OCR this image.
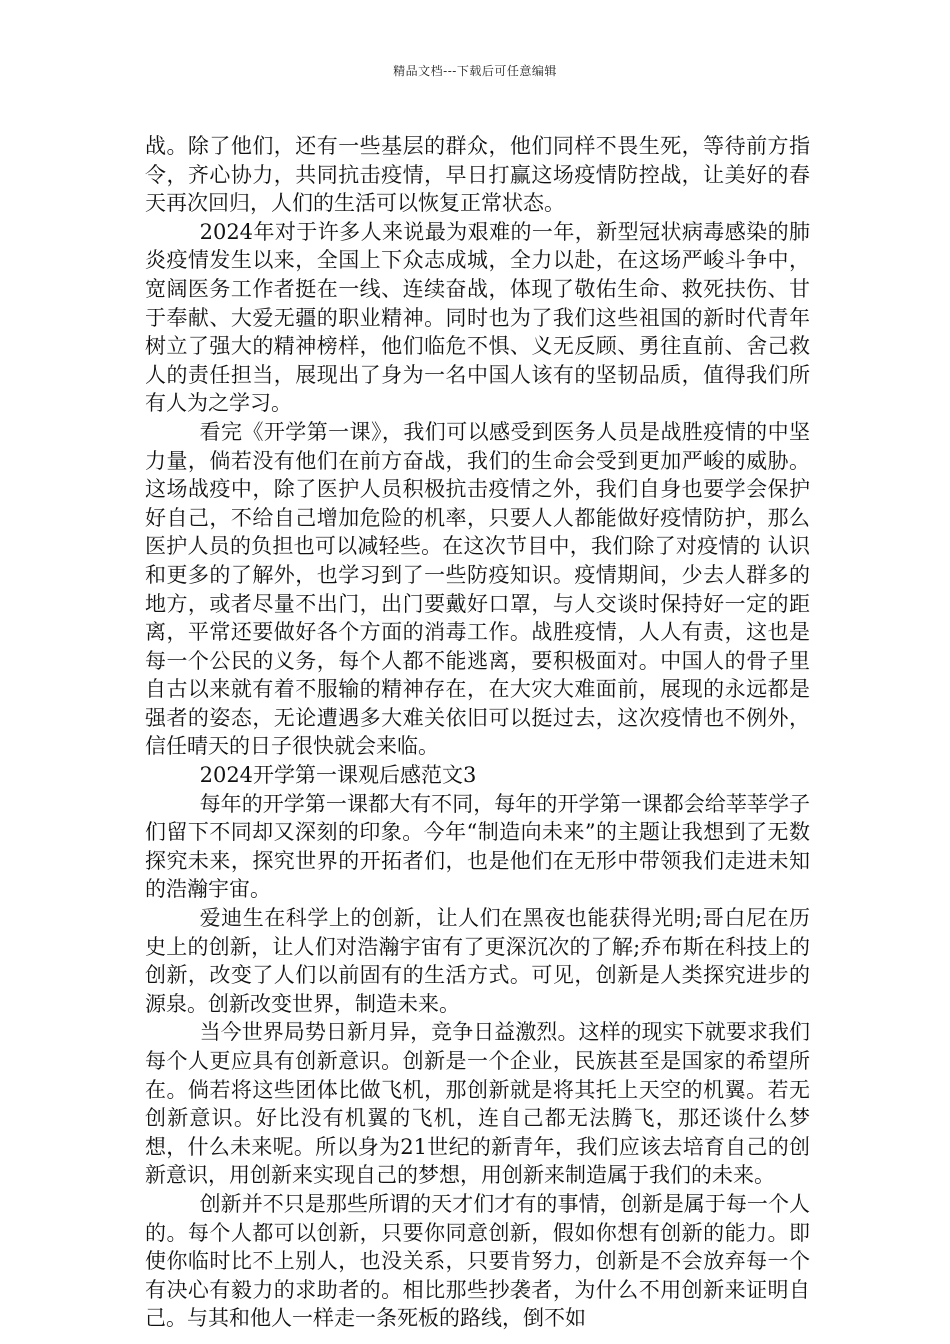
精品文档---下载后可任意编辑

战。除了他们，还有一些基层的群众，他们同样不畏生死，等待前方指令，齐心协力，共同抗击疫情，早日打赢这场疫情防控战，让美好的春天再次回归，人们的生活可以恢复正常状态。

2024年对于许多人来说最为艰难的一年，新型冠状病毒感染的肺炎疫情发生以来，全国上下众志成城，全力以赴，在这场严峻斗争中，宽阔医务工作者挺在一线、连续奋战，体现了敬佑生命、救死扶伤、甘于奉献、大爱无疆的职业精神。同时也为了我们这些祖国的新时代青年树立了强大的精神榜样，他们临危不惧、义无反顾、勇往直前、舍己救人的责任担当，展现出了身为一名中国人该有的坚韧品质，值得我们所有人为之学习。

看完《开学第一课》，我们可以感受到医务人员是战胜疫情的中坚力量，倘若没有他们在前方奋战，我们的生命会受到更加严峻的威胁。这场战疫中，除了医护人员积极抗击疫情之外，我们自身也要学会保护好自己，不给自己增加危险的机率，只要人人都能做好疫情防护，那么医护人员的负担也可以减轻些。在这次节目中，我们除了对疫情的 认识和更多的了解外，也学习到了一些防疫知识。疫情期间，少去人群多的地方，或者尽量不出门，出门要戴好口罩，与人交谈时保持好一定的距离，平常还要做好各个方面的消毒工作。战胜疫情，人人有责，这也是每一个公民的义务，每个人都不能逃离，要积极面对。中国人的骨子里自古以来就有着不服输的精神存在，在大灾大难面前，展现的永远都是强者的姿态，无论遭遇多大难关依旧可以挺过去，这次疫情也不例外，信任晴天的日子很快就会来临。

2024开学第一课观后感范文3

每年的开学第一课都大有不同，每年的开学第一课都会给莘莘学子们留下不同却又深刻的印象。今年“制造向未来”的主题让我想到了无数探究未来，探究世界的开拓者们，也是他们在无形中带领我们走进未知的浩瀚宇宙。

爱迪生在科学上的创新，让人们在黑夜也能获得光明;哥白尼在历史上的创新，让人们对浩瀚宇宙有了更深沉次的了解;乔布斯在科技上的创新，改变了人们以前固有的生活方式。可见，创新是人类探究进步的源泉。创新改变世界，制造未来。

当今世界局势日新月异，竞争日益激烈。这样的现实下就要求我们每个人更应具有创新意识。创新是一个企业，民族甚至是国家的希望所在。倘若将这些团体比做飞机，那创新就是将其托上天空的机翼。若无创新意识。好比没有机翼的飞机，连自己都无法腾飞，那还谈什么梦想，什么未来呢。所以身为21世纪的新青年，我们应该去培育自己的创新意识，用创新来实现自己的梦想，用创新来制造属于我们的未来。

创新并不只是那些所谓的天才们才有的事情，创新是属于每一个人的。每个人都可以创新，只要你同意创新，假如你想有创新的能力。即使你临时比不上别人，也没关系，只要肯努力，创新是不会放弃每一个有决心有毅力的求助者的。相比那些抄袭者，为什么不用创新来证明自己。与其和他人一样走一条死板的路线，倒不如
